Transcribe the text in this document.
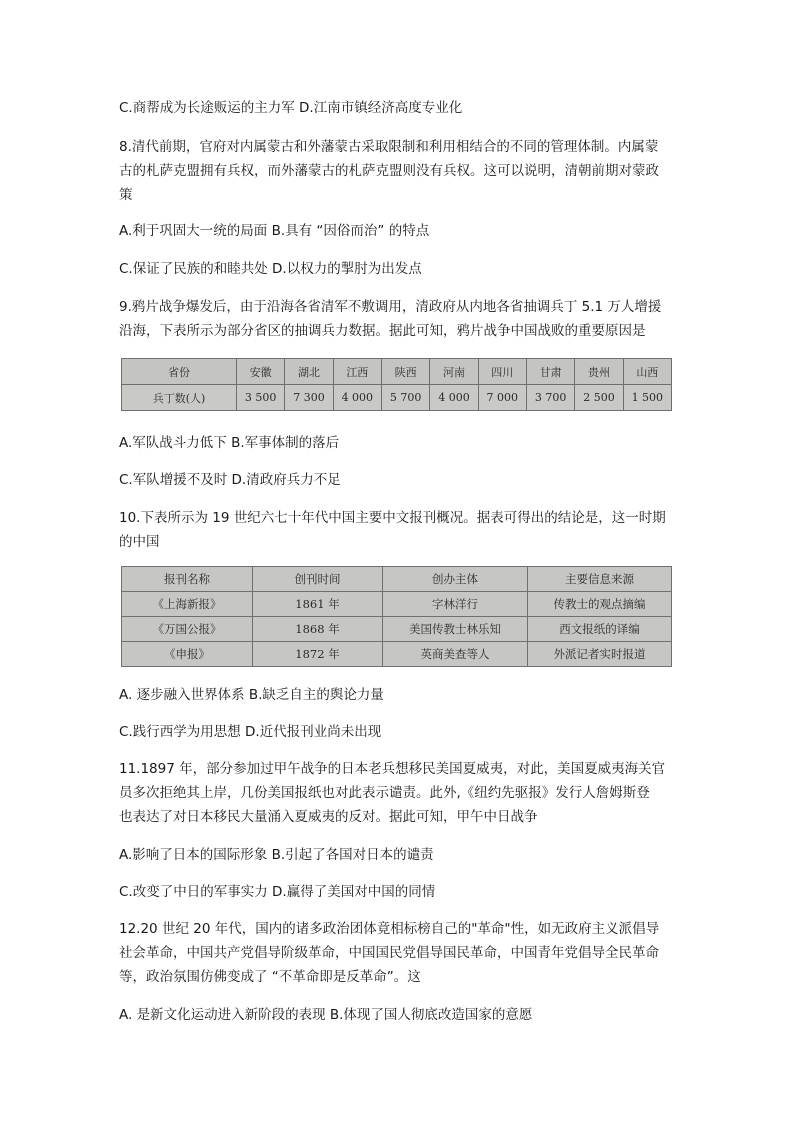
C.商帮成为长途贩运的主力军 D.江南市镇经济高度专业化
8.清代前期，官府对内属蒙古和外藩蒙古采取限制和利用相结合的不同的管理体制。内属蒙
古的札萨克盟拥有兵权，而外藩蒙古的札萨克盟则没有兵权。这可以说明，清朝前期对蒙政
策
A.利于巩固大一统的局面 B.具有 “因俗而治” 的特点
C.保证了民族的和睦共处 D.以权力的掣肘为出发点
9.鸦片战争爆发后，由于沿海各省清军不敷调用，清政府从内地各省抽调兵丁 5.1 万人增援
沿海，下表所示为部分省区的抽调兵力数据。据此可知，鸦片战争中国战败的重要原因是
省份	安徽	湖北	江西	陕西	河南	四川	甘肃	贵州	山西
兵丁数(人)	3 500	7 300	4 000	5 700	4 000	7 000	3 700	2 500	1 500
A.军队战斗力低下 B.军事体制的落后
C.军队增援不及时 D.清政府兵力不足
10.下表所示为 19 世纪六七十年代中国主要中文报刊概况。据表可得出的结论是，这一时期
的中国
报刊名称	创刊时间	创办主体	主要信息来源
《上海新报》	1861 年	字林洋行	传教士的观点摘编
《万国公报》	1868 年	美国传教士林乐知	西文报纸的译编
《申报》	1872 年	英商美查等人	外派记者实时报道
A. 逐步融入世界体系 B.缺乏自主的舆论力量
C.践行西学为用思想 D.近代报刊业尚未出现
11.1897 年，部分参加过甲午战争的日本老兵想移民美国夏威夷，对此，美国夏威夷海关官
员多次拒绝其上岸，几份美国报纸也对此表示谴责。此外,《纽约先驱报》发行人詹姆斯登
也表达了对日本移民大量涌入夏威夷的反对。据此可知，甲午中日战争
A.影响了日本的国际形象 B.引起了各国对日本的谴责
C.改变了中日的军事实力 D.赢得了美国对中国的同情
12.20 世纪 20 年代，国内的诸多政治团体竟相标榜自己的"革命"性，如无政府主义派倡导
社会革命，中国共产党倡导阶级革命，中国国民党倡导国民革命，中国青年党倡导全民革命
等，政治氛围仿佛变成了 “不革命即是反革命”。这
A. 是新文化运动进入新阶段的表现 B.体现了国人彻底改造国家的意愿
